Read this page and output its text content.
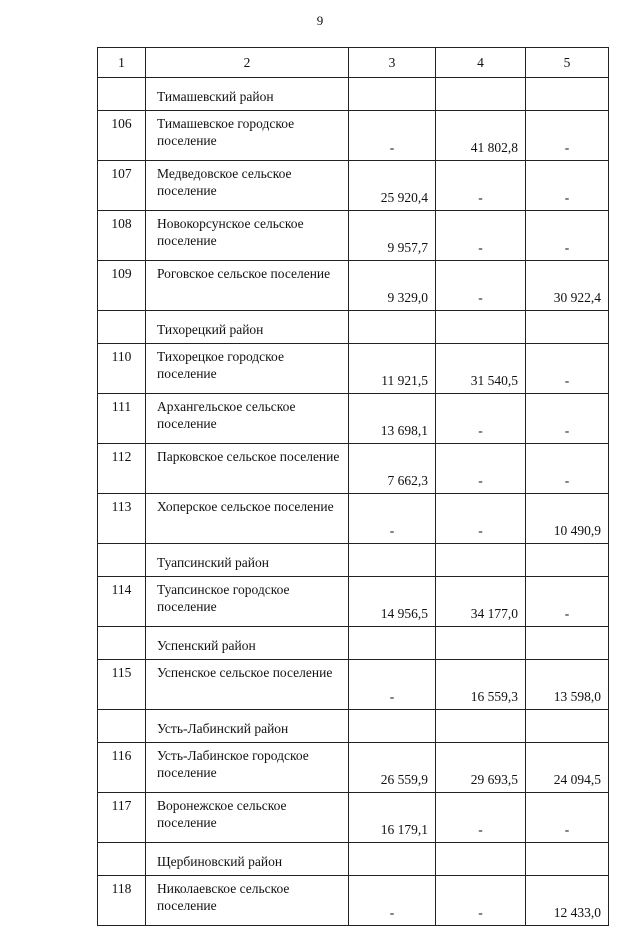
9
1	2	3	4	5
	Тимашевский район			
106	Тимашевское городское поселение	-	41 802,8	-
107	Медведовское сельское поселение	25 920,4	-	-
108	Новокорсунское сельское поселение	9 957,7	-	-
109	Роговское сельское поселение	9 329,0	-	30 922,4
	Тихорецкий район			
110	Тихорецкое городское поселение	11 921,5	31 540,5	-
111	Архангельское сельское поселение	13 698,1	-	-
112	Парковское сельское поселение	7 662,3	-	-
113	Хоперское сельское поселение	-	-	10 490,9
	Туапсинский район			
114	Туапсинское городское поселение	14 956,5	34 177,0	-
	Успенский район			
115	Успенское сельское поселение	-	16 559,3	13 598,0
	Усть-Лабинский район			
116	Усть-Лабинское городское поселение	26 559,9	29 693,5	24 094,5
117	Воронежское сельское поселение	16 179,1	-	-
	Щербиновский район			
118	Николаевское сельское поселение	-	-	12 433,0
